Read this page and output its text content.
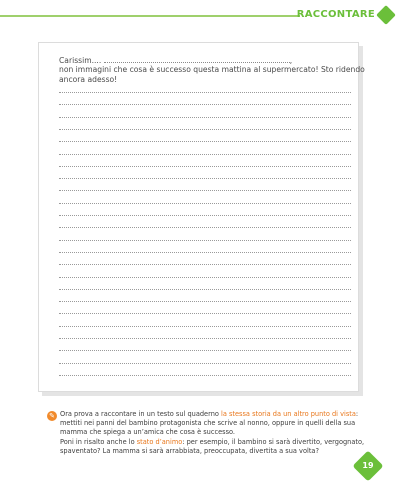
RACCONTARE
Carissim....	,
non immagini che cosa è successo questa mattina al supermercato! Sto ridendo
ancora adesso!
✎ Ora prova a raccontare in un testo sul quaderno la stessa storia da un altro punto di vista:
mettiti nei panni del bambino protagonista che scrive al nonno, oppure in quelli della sua
mamma che spiega a un’amica che cosa è successo.
Poni in risalto anche lo stato d’animo: per esempio, il bambino si sarà divertito, vergognato,
spaventato? La mamma si sarà arrabbiata, preoccupata, divertita a sua volta?
19
